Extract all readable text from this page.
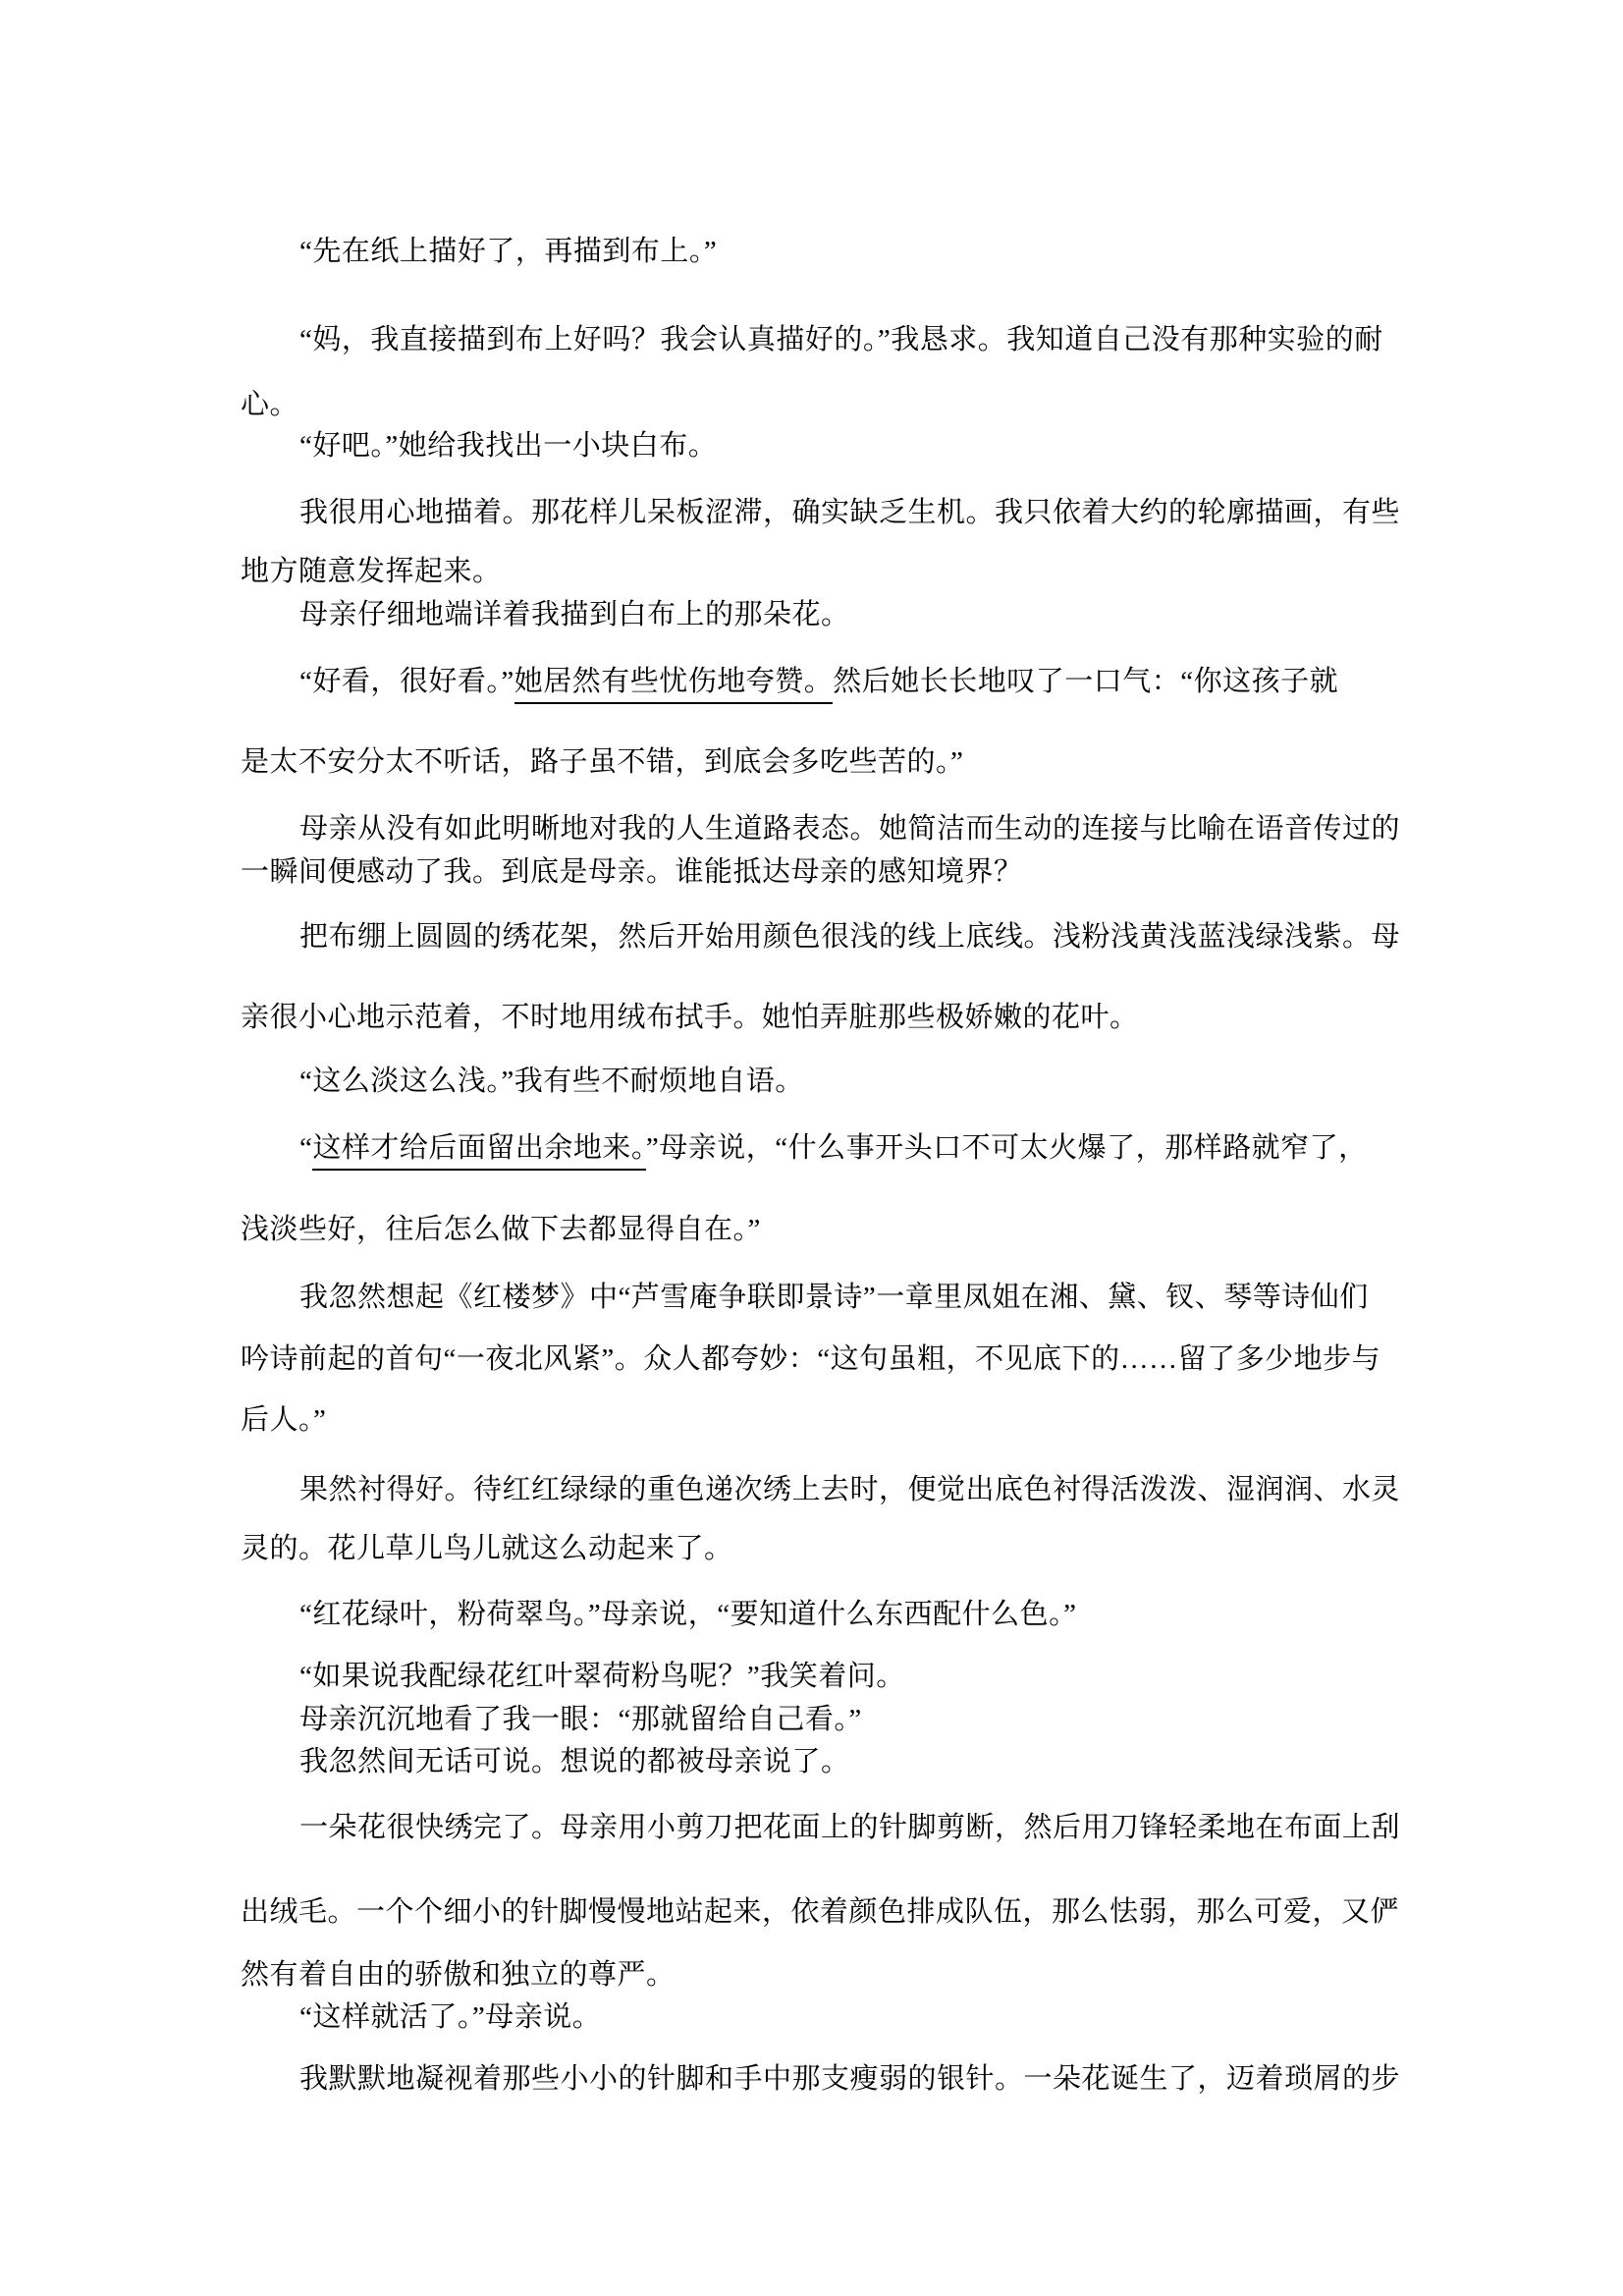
“先在纸上描好了，再描到布上。”
“妈，我直接描到布上好吗？我会认真描好的。”我恳求。我知道自己没有那种实验的耐
心。
“好吧。”她给我找出一小块白布。
我很用心地描着。那花样儿呆板涩滞，确实缺乏生机。我只依着大约的轮廓描画，有些
地方随意发挥起来。
母亲仔细地端详着我描到白布上的那朵花。
“好看，很好看。”她居然有些忧伤地夸赞。然后她长长地叹了一口气：“你这孩子就
是太不安分太不听话，路子虽不错，到底会多吃些苦的。”
母亲从没有如此明晰地对我的人生道路表态。她简洁而生动的连接与比喻在语音传过的
一瞬间便感动了我。到底是母亲。谁能抵达母亲的感知境界？
把布绷上圆圆的绣花架，然后开始用颜色很浅的线上底线。浅粉浅黄浅蓝浅绿浅紫。母
亲很小心地示范着，不时地用绒布拭手。她怕弄脏那些极娇嫩的花叶。
“这么淡这么浅。”我有些不耐烦地自语。
“这样才给后面留出余地来。”母亲说，“什么事开头口不可太火爆了，那样路就窄了，
浅淡些好，往后怎么做下去都显得自在。”
我忽然想起《红楼梦》中“芦雪庵争联即景诗”一章里凤姐在湘、黛、钗、琴等诗仙们
吟诗前起的首句“一夜北风紧”。众人都夸妙：“这句虽粗，不见底下的……留了多少地步与
后人。”
果然衬得好。待红红绿绿的重色递次绣上去时，便觉出底色衬得活泼泼、湿润润、水灵
灵的。花儿草儿鸟儿就这么动起来了。
“红花绿叶，粉荷翠鸟。”母亲说，“要知道什么东西配什么色。”
“如果说我配绿花红叶翠荷粉鸟呢？”我笑着问。
母亲沉沉地看了我一眼：“那就留给自己看。”
我忽然间无话可说。想说的都被母亲说了。
一朵花很快绣完了。母亲用小剪刀把花面上的针脚剪断，然后用刀锋轻柔地在布面上刮
出绒毛。一个个细小的针脚慢慢地站起来，依着颜色排成队伍，那么怯弱，那么可爱，又俨
然有着自由的骄傲和独立的尊严。
“这样就活了。”母亲说。
我默默地凝视着那些小小的针脚和手中那支瘦弱的银针。一朵花诞生了，迈着琐屑的步
